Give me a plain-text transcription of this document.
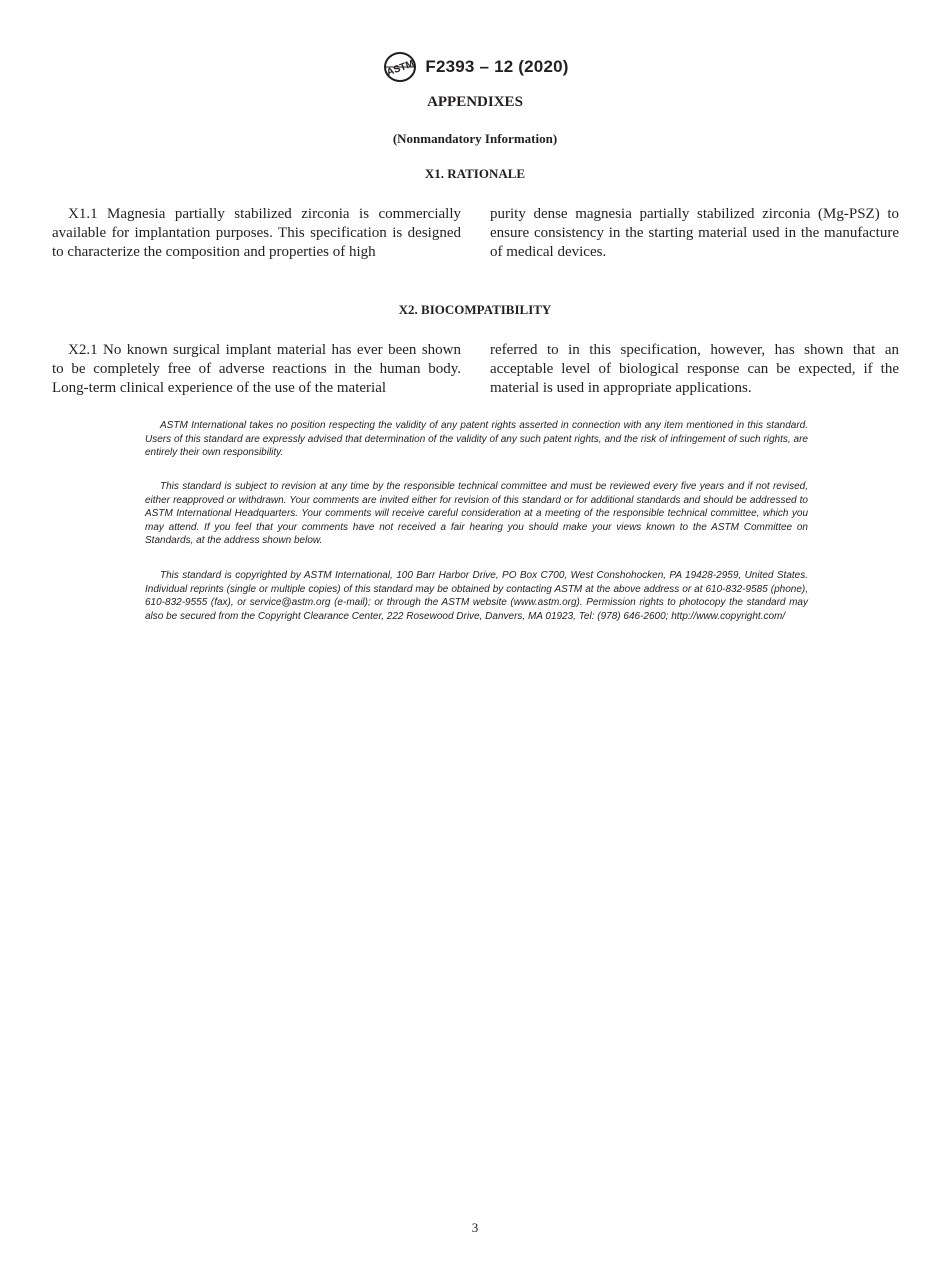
ASTM F2393 – 12 (2020)
APPENDIXES
(Nonmandatory Information)
X1. RATIONALE

X1.1 Magnesia partially stabilized zirconia is commercially available for implantation purposes. This specification is designed to characterize the composition and properties of high

purity dense magnesia partially stabilized zirconia (Mg-PSZ) to ensure consistency in the starting material used in the manufacture of medical devices.

X2. BIOCOMPATIBILITY

X2.1 No known surgical implant material has ever been shown to be completely free of adverse reactions in the human body. Long-term clinical experience of the use of the material

referred to in this specification, however, has shown that an acceptable level of biological response can be expected, if the material is used in appropriate applications.

ASTM International takes no position respecting the validity of any patent rights asserted in connection with any item mentioned in this standard. Users of this standard are expressly advised that determination of the validity of any such patent rights, and the risk of infringement of such rights, are entirely their own responsibility.
This standard is subject to revision at any time by the responsible technical committee and must be reviewed every five years and if not revised, either reapproved or withdrawn. Your comments are invited either for revision of this standard or for additional standards and should be addressed to ASTM International Headquarters. Your comments will receive careful consideration at a meeting of the responsible technical committee, which you may attend. If you feel that your comments have not received a fair hearing you should make your views known to the ASTM Committee on Standards, at the address shown below.
This standard is copyrighted by ASTM International, 100 Barr Harbor Drive, PO Box C700, West Conshohocken, PA 19428-2959, United States. Individual reprints (single or multiple copies) of this standard may be obtained by contacting ASTM at the above address or at 610-832-9585 (phone), 610-832-9555 (fax), or service@astm.org (e-mail); or through the ASTM website (www.astm.org). Permission rights to photocopy the standard may also be secured from the Copyright Clearance Center, 222 Rosewood Drive, Danvers, MA 01923, Tel: (978) 646-2600; http://www.copyright.com/
3
